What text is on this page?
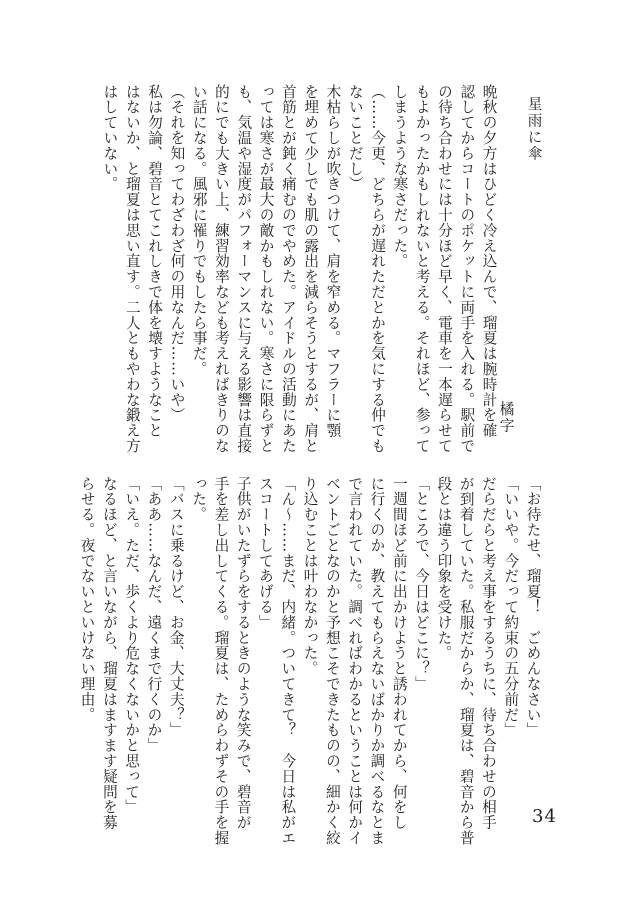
星雨に傘
橘字
晩秋の夕方はひどく冷え込んで、瑠夏は腕時計を確
認してからコートのポケットに両手を入れる。駅前で
の待ち合わせには十分ほど早く、電車を一本遅らせて
もよかったかもしれないと考える。それほど、参って
しまうような寒さだった。
（……今更、どちらが遅れただとかを気にする仲でも
ないことだし）
木枯らしが吹きつけて、肩を窄める。マフラーに顎
を埋めて少しでも肌の露出を減らそうとするが、肩と
首筋とが鈍く痛むのでやめた。アイドルの活動にあた
っては寒さが最大の敵かもしれない。寒さに限らずと
も、気温や湿度がパフォーマンスに与える影響は直接
的にでも大きい上、練習効率なども考えればきりのな
い話になる。風邪に罹りでもしたら事だ。
（それを知ってわざわざ何の用なんだ……いや）
私は勿論、碧音とてこれしきで体を壊すようなこと
はないか、と瑠夏は思い直す。二人ともやわな鍛え方
はしていない。
「お待たせ、瑠夏！　ごめんなさい」
「いいや。今だって約束の五分前だ」
だらだらと考え事をするうちに、待ち合わせの相手
が到着していた。私服だからか、瑠夏は、碧音から普
段とは違う印象を受けた。
「ところで、今日はどこに？」
一週間ほど前に出かけようと誘われてから、何をし
に行くのか、教えてもらえないばかりか調べるなとま
で言われていた。調べればわかるということは何かイ
ベントごとなのかと予想こそできたものの、細かく絞
り込むことは叶わなかった。
「ん～……まだ、内緒。ついてきて？　今日は私がエ
スコートしてあげる」
子供がいたずらをするときのような笑みで、碧音が
手を差し出してくる。瑠夏は、ためらわずその手を握
った。
「バスに乗るけど、お金、大丈夫？」
「ああ……なんだ、遠くまで行くのか」
「いえ。ただ、歩くより危なくないかと思って」
なるほど、と言いながら、瑠夏はますます疑問を募
らせる。夜でないといけない理由。
34
